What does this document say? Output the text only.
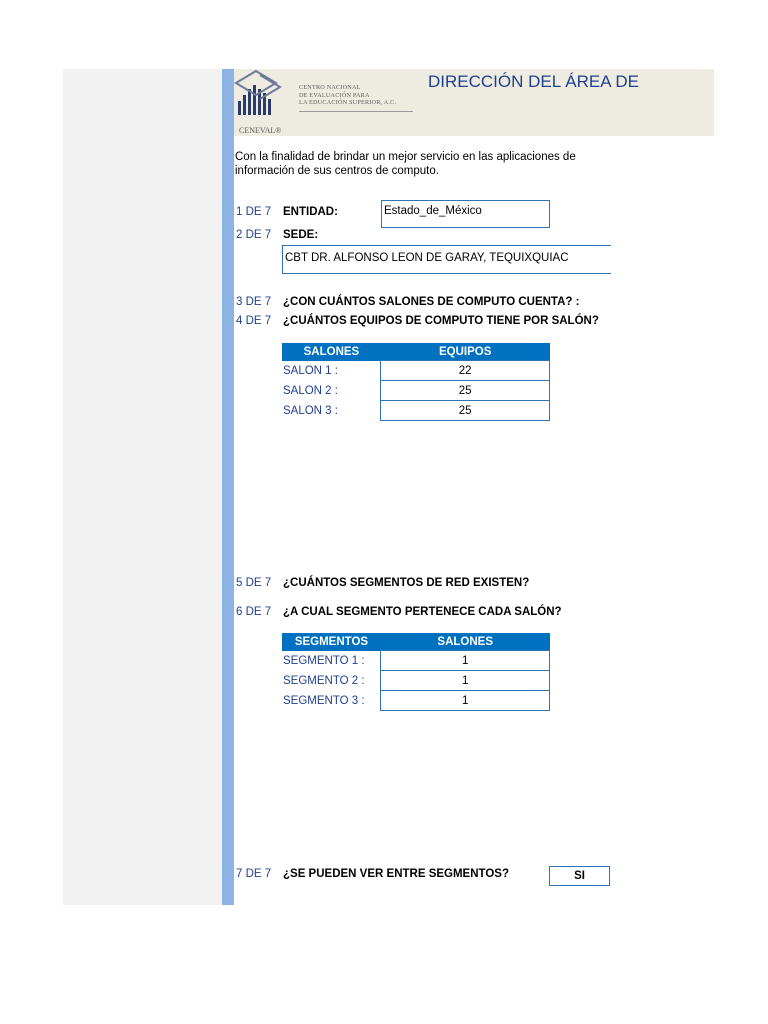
CENEVAL®
CENTRO NACIONAL
DE EVALUACIÓN PARA
LA EDUCACIÓN SUPERIOR, A.C.
DIRECCIÓN DEL ÁREA DE

Con la finalidad de brindar un mejor servicio en las aplicaciones de

información de sus centros de computo.

1 DE 7 ENTIDAD:	Estado_de_México
2 DE 7 SEDE:
CBT DR. ALFONSO LEON DE GARAY, TEQUIXQUIAC
3 DE 7 ¿CON CUÁNTOS SALONES DE COMPUTO CUENTA? :
4 DE 7 ¿CUÁNTOS EQUIPOS DE COMPUTO TIENE POR SALÓN?
SALONES	EQUIPOS
SALON 1 :	22
SALON 2 :	25
SALON 3 :	25
5 DE 7 ¿CUÁNTOS SEGMENTOS DE RED EXISTEN?
6 DE 7 ¿A CUAL SEGMENTO PERTENECE CADA SALÓN?
SEGMENTOS	SALONES
SEGMENTO 1 :	1
SEGMENTO 2 :	1
SEGMENTO 3 :	1
7 DE 7 ¿SE PUEDEN VER ENTRE SEGMENTOS?	SI
